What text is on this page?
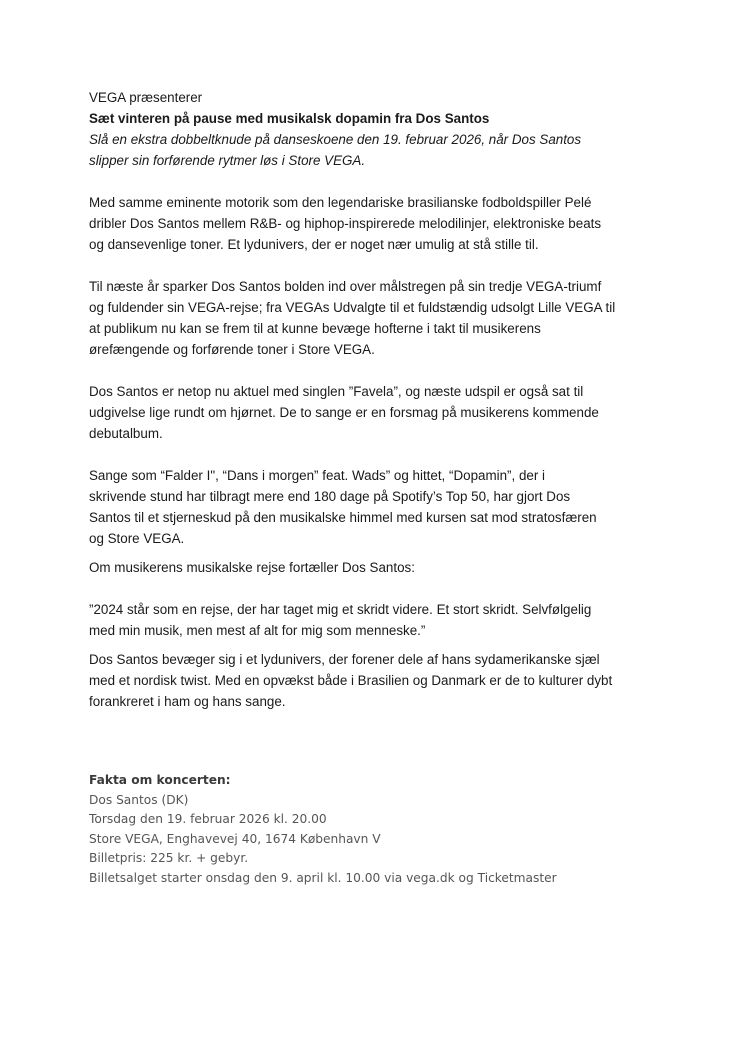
VEGA præsenterer
Sæt vinteren på pause med musikalsk dopamin fra Dos Santos
Slå en ekstra dobbeltknude på danseskoene den 19. februar 2026, når Dos Santos
slipper sin forførende rytmer løs i Store VEGA.
Med samme eminente motorik som den legendariske brasilianske fodboldspiller Pelé
dribler Dos Santos mellem R&B- og hiphop-inspirerede melodilinjer, elektroniske beats
og dansevenlige toner. Et lydunivers, der er noget nær umulig at stå stille til.
Til næste år sparker Dos Santos bolden ind over målstregen på sin tredje VEGA-triumf
og fuldender sin VEGA-rejse; fra VEGAs Udvalgte til et fuldstændig udsolgt Lille VEGA til
at publikum nu kan se frem til at kunne bevæge hofterne i takt til musikerens
ørefængende og forførende toner i Store VEGA.
Dos Santos er netop nu aktuel med singlen ”Favela”, og næste udspil er også sat til
udgivelse lige rundt om hjørnet. De to sange er en forsmag på musikerens kommende
debutalbum.
Sange som “Falder I", “Dans i morgen” feat. Wads” og hittet, “Dopamin”, der i
skrivende stund har tilbragt mere end 180 dage på Spotify’s Top 50, har gjort Dos
Santos til et stjerneskud på den musikalske himmel med kursen sat mod stratosfæren
og Store VEGA.
Om musikerens musikalske rejse fortæller Dos Santos:
”2024 står som en rejse, der har taget mig et skridt videre. Et stort skridt. Selvfølgelig
med min musik, men mest af alt for mig som menneske.”
Dos Santos bevæger sig i et lydunivers, der forener dele af hans sydamerikanske sjæl
med et nordisk twist. Med en opvækst både i Brasilien og Danmark er de to kulturer dybt
forankreret i ham og hans sange.
Fakta om koncerten:
Dos Santos (DK)
Torsdag den 19. februar 2026 kl. 20.00
Store VEGA, Enghavevej 40, 1674 København V
Billetpris: 225 kr. + gebyr.
Billetsalget starter onsdag den 9. april kl. 10.00 via vega.dk og Ticketmaster
